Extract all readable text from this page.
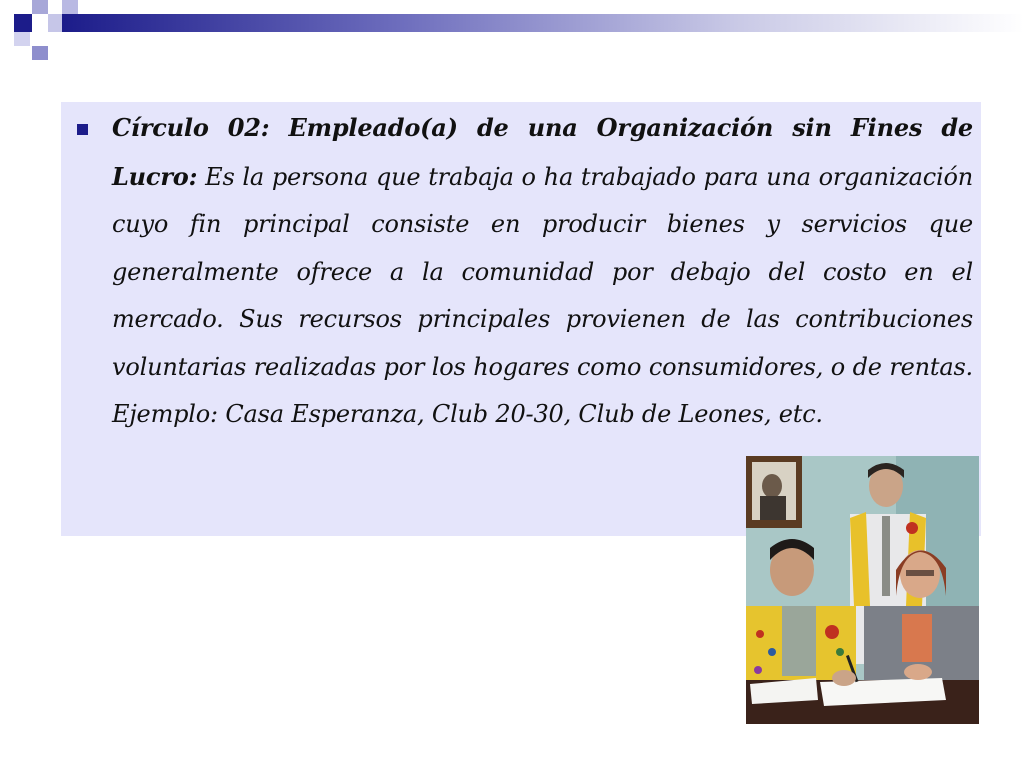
Círculo 02: Empleado(a) de una Organización sin Fines de Lucro: Es la persona que trabaja o ha trabajado para una organización cuyo fin principal consiste en producir bienes y servicios que generalmente ofrece a la comunidad por debajo del costo en el mercado. Sus recursos principales provienen de las contribuciones voluntarias realizadas por los hogares como consumidores, o de rentas. Ejemplo: Casa Esperanza, Club 20-30, Club de Leones, etc.
